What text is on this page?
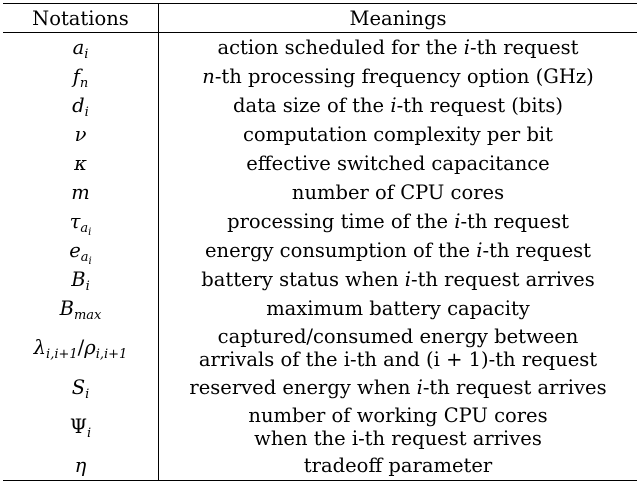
Notations	Meanings
$a_i$	action scheduled for the i-th request
$f_n$	n-th processing frequency option (GHz)
$d_i$	data size of the i-th request (bits)
ν	computation complexity per bit
κ	effective switched capacitance
m	number of CPU cores
$\tau_{a_i}$	processing time of the i-th request
$e_{a_i}$	energy consumption of the i-th request
$B_i$	battery status when i-th request arrives
$B_{max}$	maximum battery capacity
$\lambda_{i,i+1}/\rho_{i,i+1}$	captured/consumed energy between
arrivals of the i-th and (i + 1)-th request

$S_i$	reserved energy when i-th request arrives
$\Psi_i$	number of working CPU cores
when the i-th request arrives

η	tradeoff parameter
